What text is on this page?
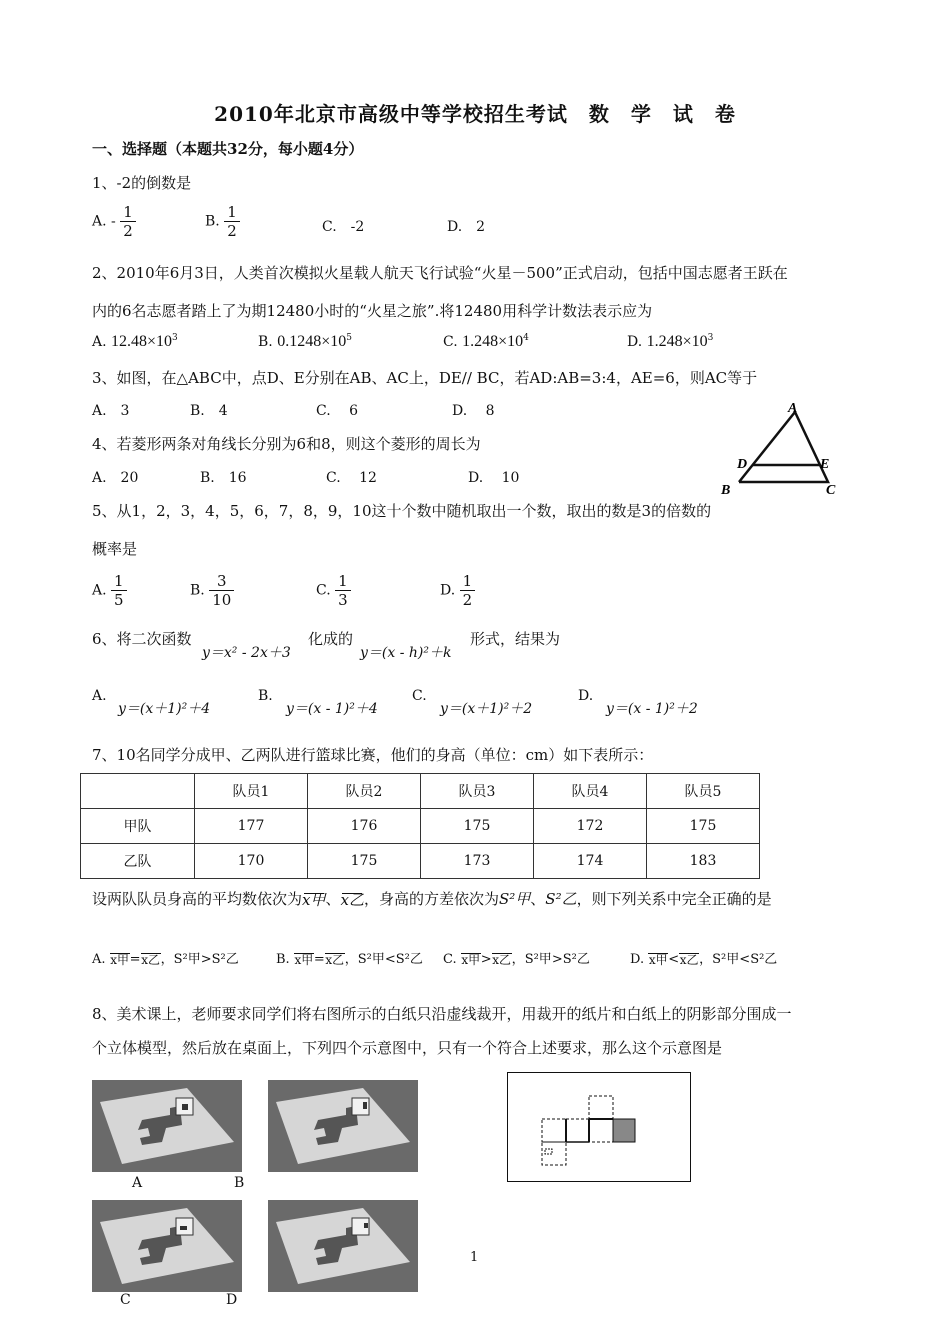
2010年北京市高级中等学校招生考试　数　学　试　卷
一、选择题（本题共32分，每小题4分）
1、-2的倒数是
A. - $\frac{1}{2}$	B. $\frac{1}{2}$	C.　-2	D.　2
2、2010年6月3日，人类首次模拟火星载人航天飞行试验“火星－500”正式启动，包括中国志愿者王跃在
内的6名志愿者踏上了为期12480小时的“火星之旅”.将12480用科学计数法表示应为
A. $12.48\times 10^3$	B. $0.1248\times 10^5$	C. $1.248\times 10^4$	D. $1.248\times 10^3$
3、如图，在△ABC中，点D、E分别在AB、AC上，DE// BC，若AD:AB=3:4，AE=6，则AC等于
A.　3	B.　4	C.　 6	D.　 8	A
D	E
B	C
4、若菱形两条对角线长分别为6和8，则这个菱形的周长为
A.　20	B.　16	C.　 12	D.　 10
5、从1，2，3，4，5，6，7，8，9，10这十个数中随机取出一个数，取出的数是3的倍数的
概率是
A. $\frac{1}{5}$	B. $\frac{3}{10}$	C. $\frac{1}{3}$	D. $\frac{1}{2}$
6、将二次函数
y＝x² - 2x＋3
化成的
y＝(x - h)²＋k
形式，结果为
A.
y＝(x＋1)²＋4
B.
y＝(x - 1)²＋4
C.
y＝(x＋1)²＋2
D.
y＝(x - 1)²＋2
7、10名同学分成甲、乙两队进行篮球比赛，他们的身高（单位：cm）如下表所示：
	队员1	队员2	队员3	队员4	队员5
甲队	177	176	175	172	175
乙队	170	175	173	174	183
设两队队员身高的平均数依次为
x甲、
x乙，身高的方差依次为S²甲、S²乙，则下列关系中完全正确的是
A. x甲=
x乙，S²甲>S²乙	B. x甲=
x乙，S²甲<S²乙 C. x甲>
x乙，S²甲>S²乙	D. x甲<
x乙，S²甲<S²乙
8、美术课上，老师要求同学们将右图所示的白纸只沿虚线裁开，用裁开的纸片和白纸上的阴影部分围成一
个立体模型，然后放在桌面上，下列四个示意图中，只有一个符合上述要求，那么这个示意图是
A	B
C	D
1
